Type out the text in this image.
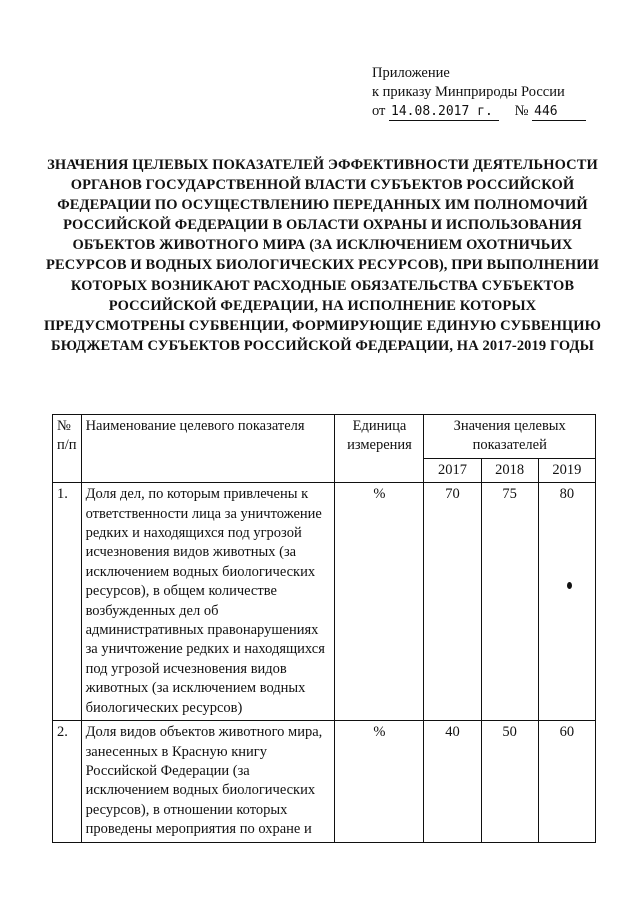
Приложение
к приказу Минприроды России
от 14.08.2017 г. № 446
ЗНАЧЕНИЯ ЦЕЛЕВЫХ ПОКАЗАТЕЛЕЙ ЭФФЕКТИВНОСТИ ДЕЯТЕЛЬНОСТИ ОРГАНОВ ГОСУДАРСТВЕННОЙ ВЛАСТИ СУБЪЕКТОВ РОССИЙСКОЙ ФЕДЕРАЦИИ ПО ОСУЩЕСТВЛЕНИЮ ПЕРЕДАННЫХ ИМ ПОЛНОМОЧИЙ РОССИЙСКОЙ ФЕДЕРАЦИИ В ОБЛАСТИ ОХРАНЫ И ИСПОЛЬЗОВАНИЯ ОБЪЕКТОВ ЖИВОТНОГО МИРА (ЗА ИСКЛЮЧЕНИЕМ ОХОТНИЧЬИХ РЕСУРСОВ И ВОДНЫХ БИОЛОГИЧЕСКИХ РЕСУРСОВ), ПРИ ВЫПОЛНЕНИИ КОТОРЫХ ВОЗНИКАЮТ РАСХОДНЫЕ ОБЯЗАТЕЛЬСТВА СУБЪЕКТОВ РОССИЙСКОЙ ФЕДЕРАЦИИ, НА ИСПОЛНЕНИЕ КОТОРЫХ ПРЕДУСМОТРЕНЫ СУБВЕНЦИИ, ФОРМИРУЮЩИЕ ЕДИНУЮ СУБВЕНЦИЮ БЮДЖЕТАМ СУБЪЕКТОВ РОССИЙСКОЙ ФЕДЕРАЦИИ, НА 2017-2019 ГОДЫ
№ п/п	Наименование целевого показателя	Единица измерения	Значения целевых показателей		
			2017	2018	2019
1.	Доля дел, по которым привлечены к ответственности лица за уничтожение редких и находящихся под угрозой исчезновения видов животных (за исключением водных биологических ресурсов), в общем количестве возбужденных дел об административных правонарушениях за уничтожение редких и находящихся под угрозой исчезновения видов животных (за исключением водных биологических ресурсов)	%	70	75	80
2.	Доля видов объектов животного мира, занесенных в Красную книгу Российской Федерации (за исключением водных биологических ресурсов), в отношении которых проведены мероприятия по охране и	%	40	50	60
